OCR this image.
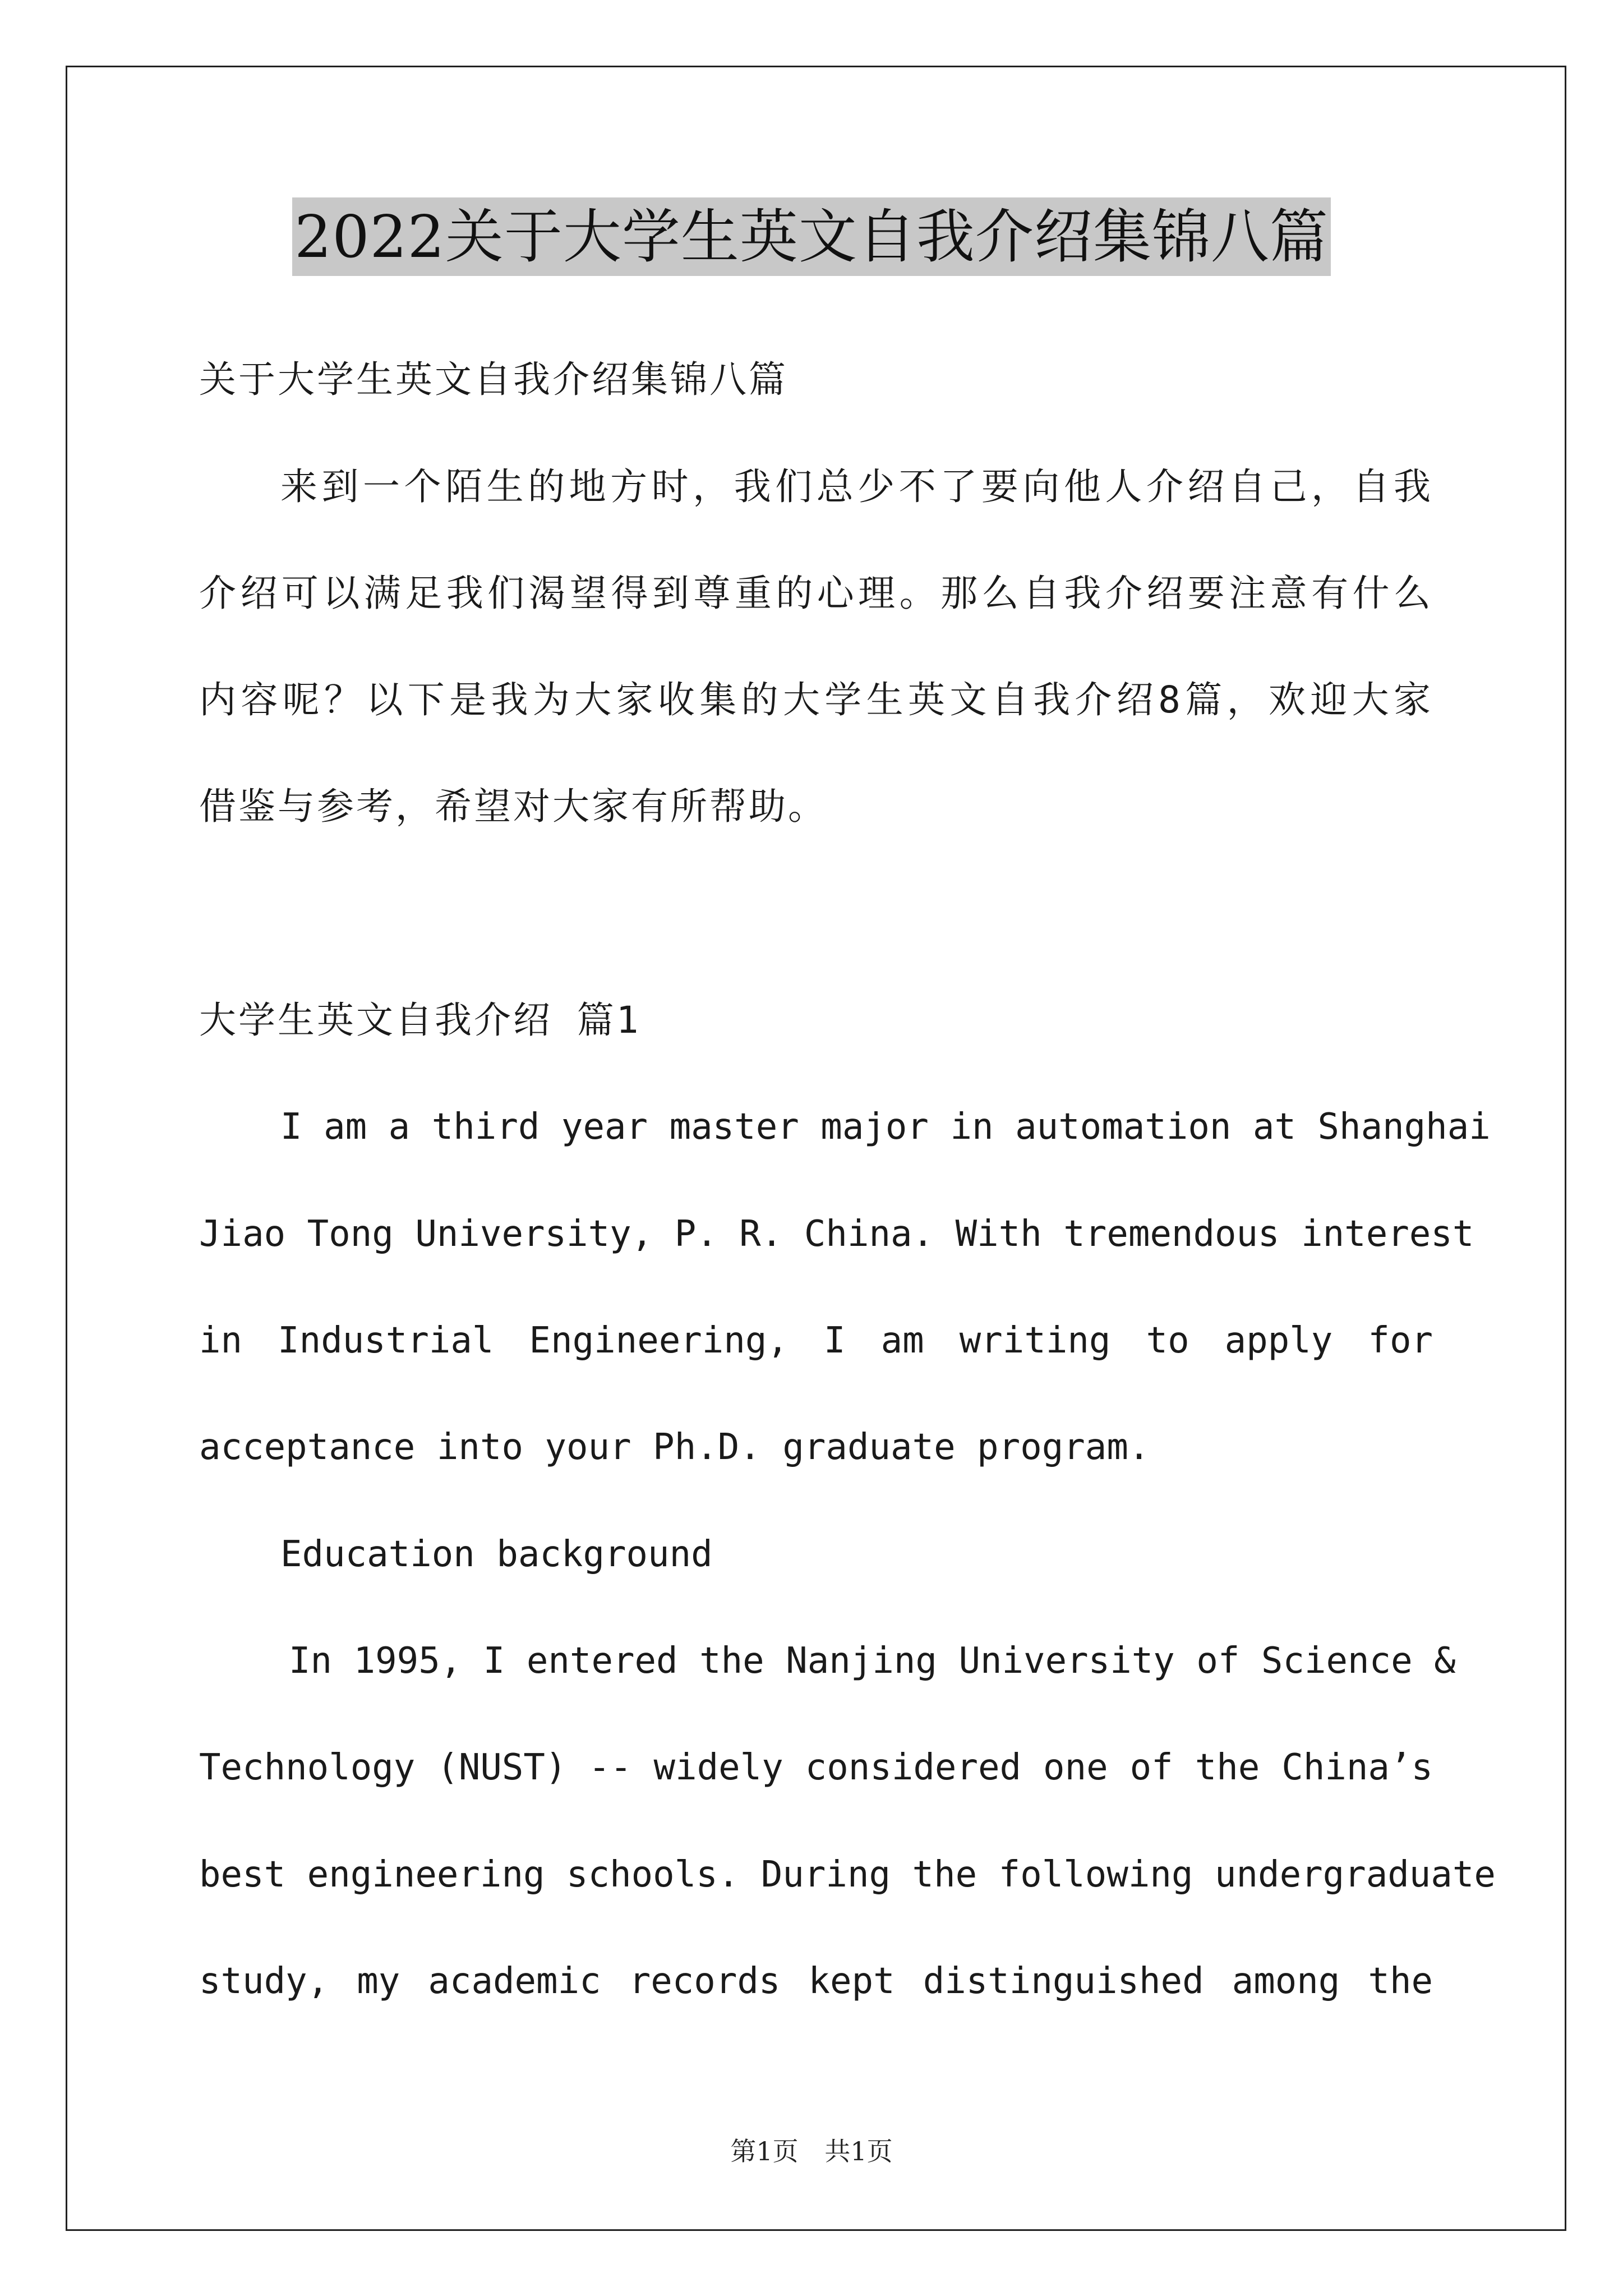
2022关于大学生英文自我介绍集锦八篇
关于大学生英文自我介绍集锦八篇
来到一个陌生的地方时，我们总少不了要向他人介绍自己，自我
介绍可以满足我们渴望得到尊重的心理。那么自我介绍要注意有什么
内容呢？以下是我为大家收集的大学生英文自我介绍8篇，欢迎大家
借鉴与参考，希望对大家有所帮助。
大学生英文自我介绍 篇1
I am a third year master major in automation at Shanghai
Jiao Tong University, P. R. China. With tremendous interest
in Industrial Engineering, I am writing to apply for
acceptance into your Ph.D. graduate program.
Education background
In 1995, I entered the Nanjing University of Science &
Technology (NUST) -- widely considered one of the China’s
best engineering schools. During the following undergraduate
study, my academic records kept distinguished among the
第1页 共1页
